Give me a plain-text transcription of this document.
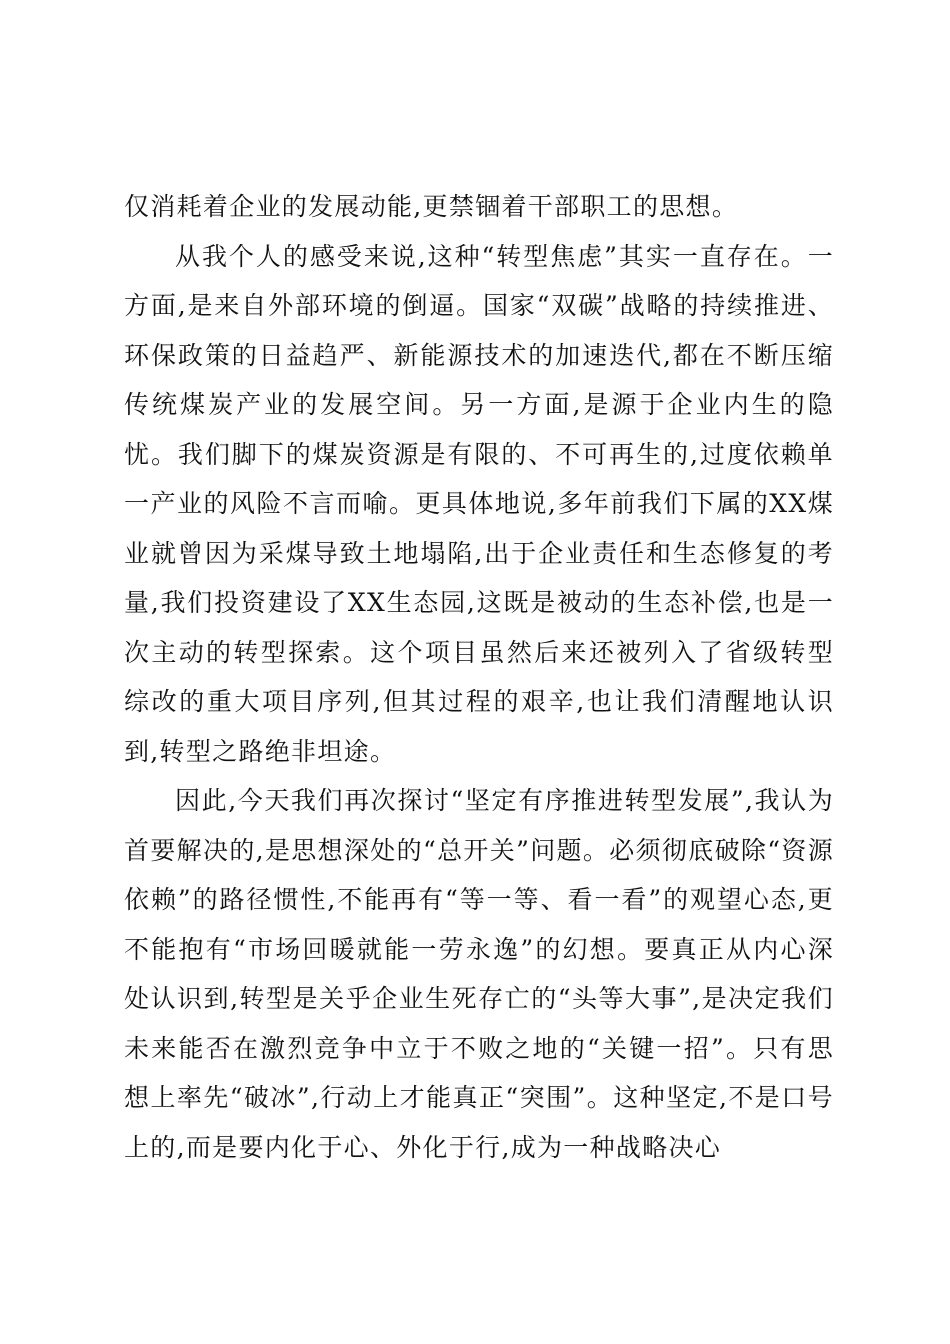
仅消耗着企业的发展动能,更禁锢着干部职工的思想。

从我个人的感受来说,这种“转型焦虑”其实一直存在。一方面,是来自外部环境的倒逼。国家“双碳”战略的持续推进、环保政策的日益趋严、新能源技术的加速迭代,都在不断压缩传统煤炭产业的发展空间。另一方面,是源于企业内生的隐忧。我们脚下的煤炭资源是有限的、不可再生的,过度依赖单一产业的风险不言而喻。更具体地说,多年前我们下属的XX煤业就曾因为采煤导致土地塌陷,出于企业责任和生态修复的考量,我们投资建设了XX生态园,这既是被动的生态补偿,也是一次主动的转型探索。这个项目虽然后来还被列入了省级转型综改的重大项目序列,但其过程的艰辛,也让我们清醒地认识到,转型之路绝非坦途。

因此,今天我们再次探讨“坚定有序推进转型发展”,我认为首要解决的,是思想深处的“总开关”问题。必须彻底破除“资源依赖”的路径惯性,不能再有“等一等、看一看”的观望心态,更不能抱有“市场回暖就能一劳永逸”的幻想。要真正从内心深处认识到,转型是关乎企业生死存亡的“头等大事”,是决定我们未来能否在激烈竞争中立于不败之地的“关键一招”。只有思想上率先“破冰”,行动上才能真正“突围”。这种坚定,不是口号上的,而是要内化于心、外化于行,成为一种战略决心
